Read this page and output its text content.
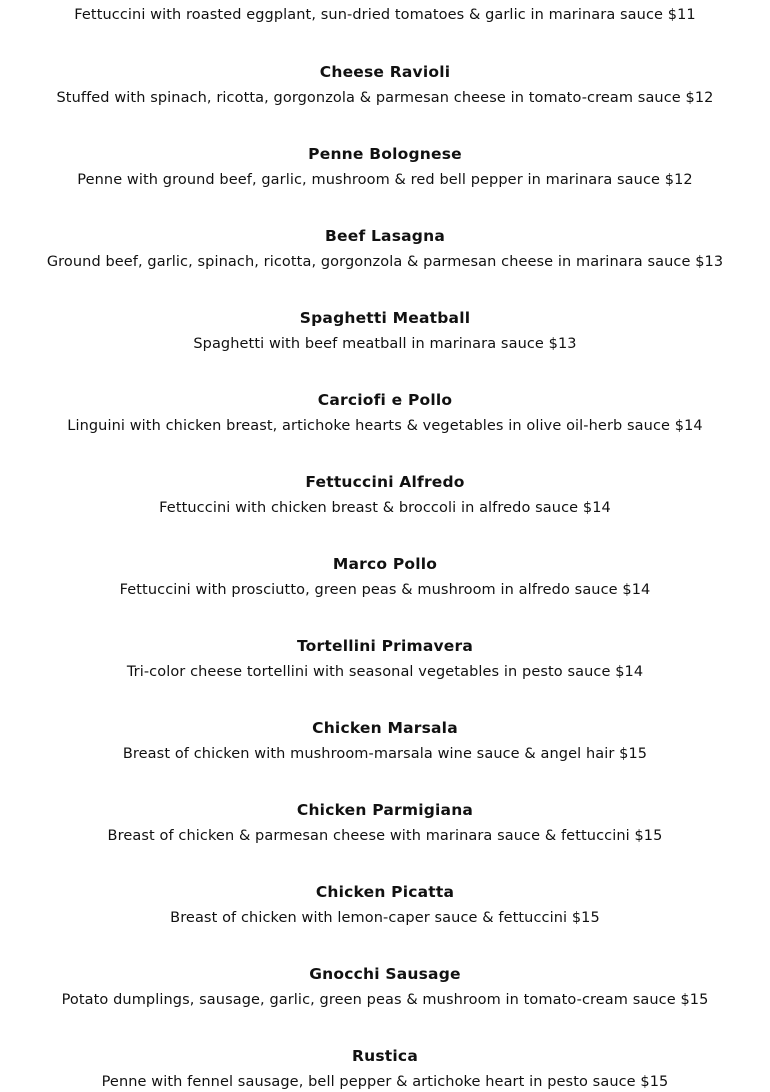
Fettuccini with roasted eggplant, sun-dried tomatoes & garlic in marinara sauce $11
Cheese Ravioli
Stuffed with spinach, ricotta, gorgonzola & parmesan cheese in tomato-cream sauce $12
Penne Bolognese
Penne with ground beef, garlic, mushroom & red bell pepper in marinara sauce $12
Beef Lasagna
Ground beef, garlic, spinach, ricotta, gorgonzola & parmesan cheese in marinara sauce $13
Spaghetti Meatball
Spaghetti with beef meatball in marinara sauce $13
Carciofi e Pollo
Linguini with chicken breast, artichoke hearts & vegetables in olive oil-herb sauce $14
Fettuccini Alfredo
Fettuccini with chicken breast & broccoli in alfredo sauce $14
Marco Pollo
Fettuccini with prosciutto, green peas & mushroom in alfredo sauce $14
Tortellini Primavera
Tri-color cheese tortellini with seasonal vegetables in pesto sauce $14
Chicken Marsala
Breast of chicken with mushroom-marsala wine sauce & angel hair $15
Chicken Parmigiana
Breast of chicken & parmesan cheese with marinara sauce & fettuccini $15
Chicken Picatta
Breast of chicken with lemon-caper sauce & fettuccini $15
Gnocchi Sausage
Potato dumplings, sausage, garlic, green peas & mushroom in tomato-cream sauce $15
Rustica
Penne with fennel sausage, bell pepper & artichoke heart in pesto sauce $15
